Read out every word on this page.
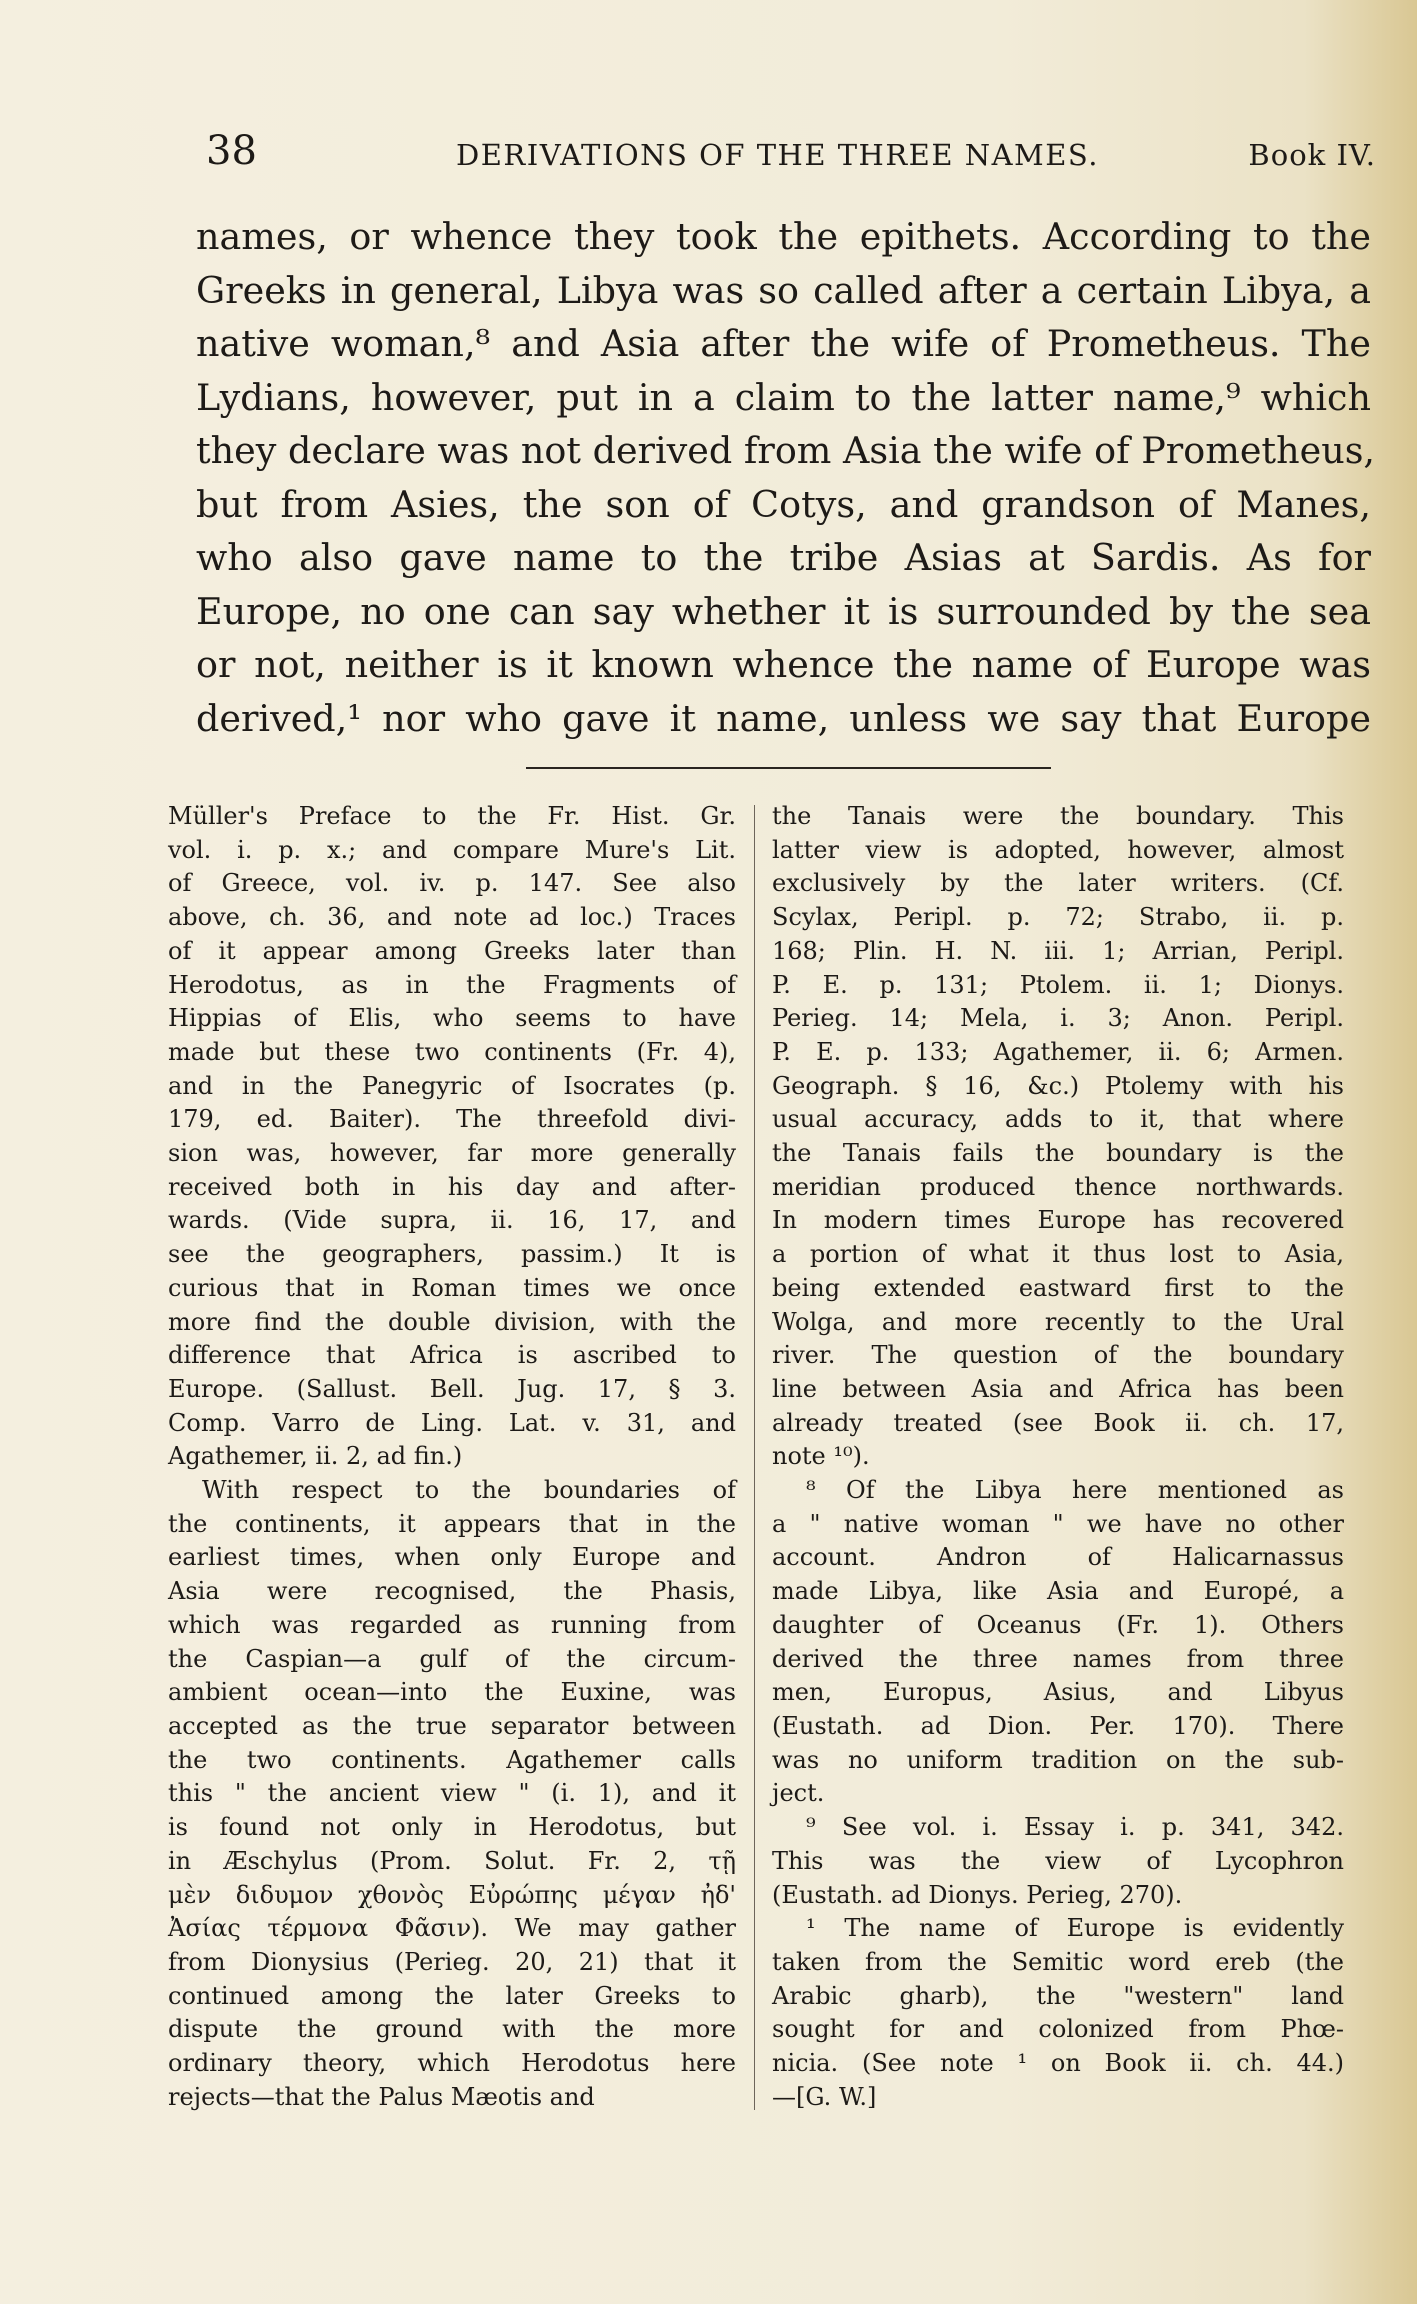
38	DERIVATIONS OF THE THREE NAMES.	Book IV.
names, or whence they took the epithets. According to the
Greeks in general, Libya was so called after a certain Libya, a
native woman,⁸ and Asia after the wife of Prometheus. The
Lydians, however, put in a claim to the latter name,⁹ which
they declare was not derived from Asia the wife of Prometheus,
but from Asies, the son of Cotys, and grandson of Manes,
who also gave name to the tribe Asias at Sardis. As for
Europe, no one can say whether it is surrounded by the sea
or not, neither is it known whence the name of Europe was
derived,¹ nor who gave it name, unless we say that Europe
Müller's Preface to the Fr. Hist. Gr.
vol. i. p. x.; and compare Mure's Lit.
of Greece, vol. iv. p. 147. See also
above, ch. 36, and note ad loc.) Traces
of it appear among Greeks later than
Herodotus, as in the Fragments of
Hippias of Elis, who seems to have
made but these two continents (Fr. 4),
and in the Panegyric of Isocrates (p.
179, ed. Baiter). The threefold divi-
sion was, however, far more generally
received both in his day and after-
wards. (Vide supra, ii. 16, 17, and
see the geographers, passim.) It is
curious that in Roman times we once
more find the double division, with the
difference that Africa is ascribed to
Europe. (Sallust. Bell. Jug. 17, § 3.
Comp. Varro de Ling. Lat. v. 31, and
Agathemer, ii. 2, ad fin.)
With respect to the boundaries of
the continents, it appears that in the
earliest times, when only Europe and
Asia were recognised, the Phasis,
which was regarded as running from
the Caspian—a gulf of the circum-
ambient ocean—into the Euxine, was
accepted as the true separator between
the two continents. Agathemer calls
this " the ancient view " (i. 1), and it
is found not only in Herodotus, but
in Æschylus (Prom. Solut. Fr. 2, τῇ
μὲν διδυμον χθονὸς Εὐρώπης μέγαν ἠδ'
Ἀσίας τέρμονα Φᾶσιν). We may gather
from Dionysius (Perieg. 20, 21) that it
continued among the later Greeks to
dispute the ground with the more
ordinary theory, which Herodotus here
rejects—that the Palus Mæotis and
the Tanais were the boundary. This
latter view is adopted, however, almost
exclusively by the later writers. (Cf.
Scylax, Peripl. p. 72; Strabo, ii. p.
168; Plin. H. N. iii. 1; Arrian, Peripl.
P. E. p. 131; Ptolem. ii. 1; Dionys.
Perieg. 14; Mela, i. 3; Anon. Peripl.
P. E. p. 133; Agathemer, ii. 6; Armen.
Geograph. § 16, &c.) Ptolemy with his
usual accuracy, adds to it, that where
the Tanais fails the boundary is the
meridian produced thence northwards.
In modern times Europe has recovered
a portion of what it thus lost to Asia,
being extended eastward first to the
Wolga, and more recently to the Ural
river. The question of the boundary
line between Asia and Africa has been
already treated (see Book ii. ch. 17,
note ¹⁰).
⁸ Of the Libya here mentioned as
a " native woman " we have no other
account. Andron of Halicarnassus
made Libya, like Asia and Europé, a
daughter of Oceanus (Fr. 1). Others
derived the three names from three
men, Europus, Asius, and Libyus
(Eustath. ad Dion. Per. 170). There
was no uniform tradition on the sub-
ject.
⁹ See vol. i. Essay i. p. 341, 342.
This was the view of Lycophron
(Eustath. ad Dionys. Perieg, 270).
¹ The name of Europe is evidently
taken from the Semitic word ereb (the
Arabic gharb), the "western" land
sought for and colonized from Phœ-
nicia. (See note ¹ on Book ii. ch. 44.)
—[G. W.]
